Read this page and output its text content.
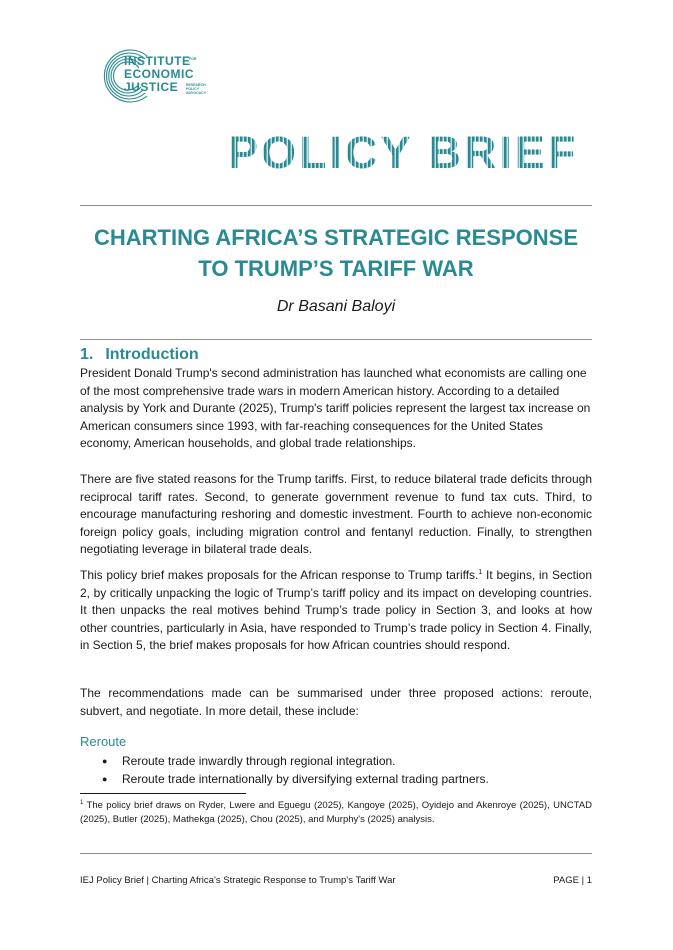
INSTITUTE
ECONOMIC
JUSTICE
FOR
RESEARCH POLICY ADVOCACY
POLICY BRIEF
CHARTING AFRICA’S STRATEGIC RESPONSE
TO TRUMP’S TARIFF WAR
Dr Basani Baloyi
1. Introduction

President Donald Trump's second administration has launched what economists are calling one of the most comprehensive trade wars in modern American history. According to a detailed analysis by York and Durante (2025), Trump's tariff policies represent the largest tax increase on American consumers since 1993, with far-reaching consequences for the United States economy, American households, and global trade relationships.

There are five stated reasons for the Trump tariffs. First, to reduce bilateral trade deficits through reciprocal tariff rates. Second, to generate government revenue to fund tax cuts. Third, to encourage manufacturing reshoring and domestic investment. Fourth to achieve non-economic foreign policy goals, including migration control and fentanyl reduction. Finally, to strengthen negotiating leverage in bilateral trade deals.

This policy brief makes proposals for the African response to Trump tariffs.$^1$ It begins, in Section 2, by critically unpacking the logic of Trump’s tariff policy and its impact on developing countries. It then unpacks the real motives behind Trump’s trade policy in Section 3, and looks at how other countries, particularly in Asia, have responded to Trump’s trade policy in Section 4. Finally, in Section 5, the brief makes proposals for how African countries should respond.

The recommendations made can be summarised under three proposed actions: reroute, subvert, and negotiate. In more detail, these include:

Reroute
● Reroute trade inwardly through regional integration.
● Reroute trade internationally by diversifying external trading partners.
$^1$ The policy brief draws on Ryder, Lwere and Eguegu (2025), Kangoye (2025), Oyidejo and Akenroye (2025), UNCTAD (2025), Butler (2025), Mathekga (2025), Chou (2025), and Murphy's (2025) analysis.
IEJ Policy Brief | Charting Africa’s Strategic Response to Trump’s Tariff War	PAGE | 1
